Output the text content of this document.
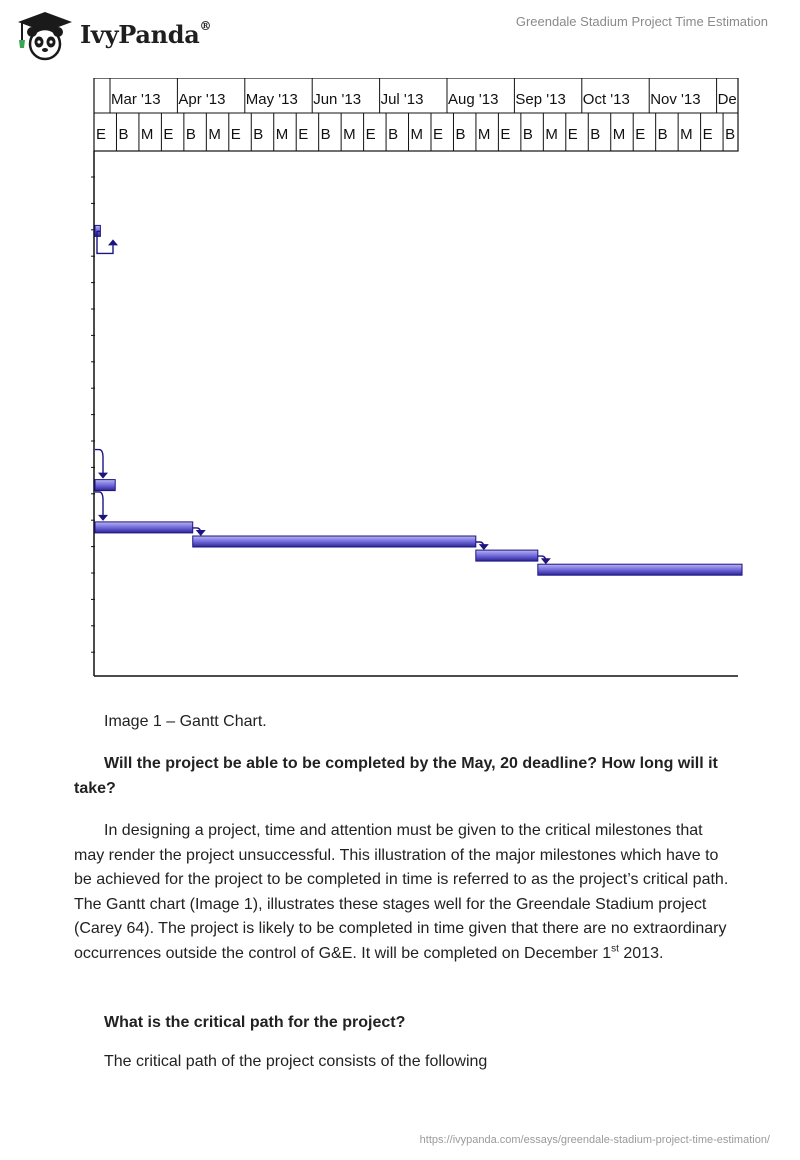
IvyPanda®	Greendale Stadium Project Time Estimation
Mar '13 Apr '13 May '13 Jun '13 Jul '13 Aug '13 Sep '13 Oct '13 Nov '13 De
E B M E B M E B M E B M E B M E B M E B M E B M E B M E B
Image 1 – Gantt Chart.
Will the project be able to be completed by the May, 20 deadline? How long will it take?
In designing a project, time and attention must be given to the critical milestones that may render the project unsuccessful. This illustration of the major milestones which have to be achieved for the project to be completed in time is referred to as the project’s critical path. The Gantt chart (Image 1), illustrates these stages well for the Greendale Stadium project (Carey 64). The project is likely to be completed in time given that there are no extraordinary occurrences outside the control of G&E. It will be completed on December 1st 2013.
What is the critical path for the project?
The critical path of the project consists of the following
https://ivypanda.com/essays/greendale-stadium-project-time-estimation/
